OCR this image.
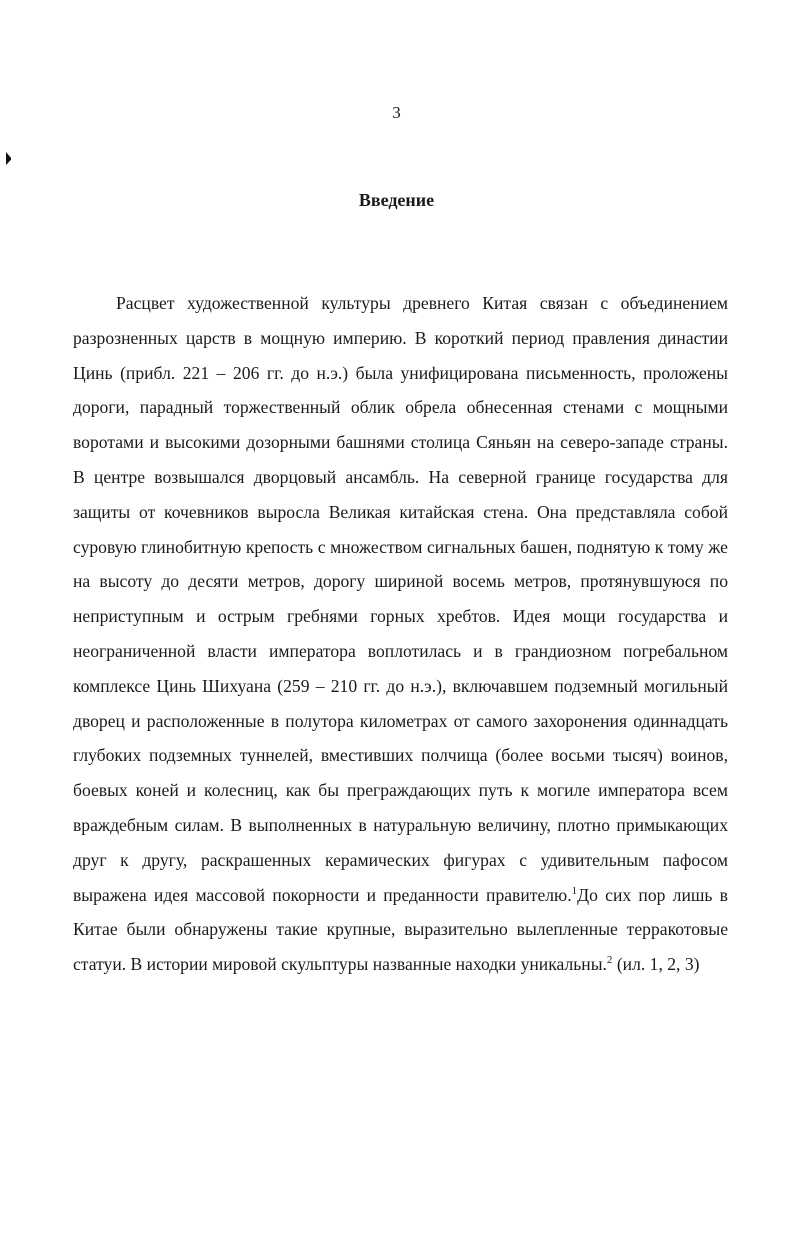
3
Введение

Расцвет художественной культуры древнего Китая связан с объединением разрозненных царств в мощную империю. В короткий период правления династии Цинь (прибл. 221 – 206 гг. до н.э.) была унифицирована письменность, проложены дороги, парадный торжественный облик обрела обнесенная стенами с мощными воротами и высокими дозорными башнями столица Сяньян на северо-западе страны. В центре возвышался дворцовый ансамбль. На северной границе государства для защиты от кочевников выросла Великая китайская стена. Она представляла собой суровую глинобитную крепость с множеством сигнальных башен, поднятую к тому же на высоту до десяти метров, дорогу шириной восемь метров, протянувшуюся по неприступным и острым гребнями горных хребтов. Идея мощи государства и неограниченной власти императора воплотилась и в грандиозном погребальном комплексе Цинь Шихуана (259 – 210 гг. до н.э.), включавшем подземный могильный дворец и расположенные в полутора километрах от самого захоронения одиннадцать глубоких подземных туннелей, вместивших полчища (более восьми тысяч) воинов, боевых коней и колесниц, как бы преграждающих путь к могиле императора всем враждебным силам. В выполненных в натуральную величину, плотно примыкающих друг к другу, раскрашенных керамических фигурах с удивительным пафосом выражена идея массовой покорности и преданности правителю.$^1$До сих пор лишь в Китае были обнаружены такие крупные, выразительно вылепленные терракотовые статуи. В истории мировой скульптуры названные находки уникальны.$^2$ (ил. 1, 2, 3)
